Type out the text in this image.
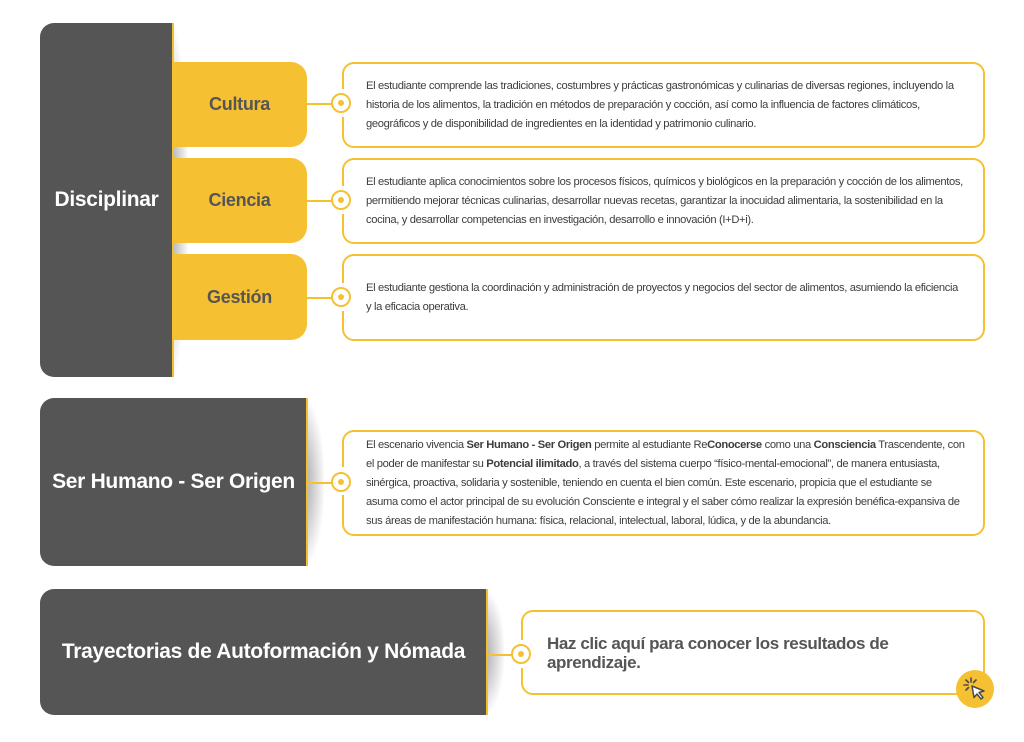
Disciplinar
Cultura
El estudiante comprende las tradiciones, costumbres y prácticas gastronómicas y culinarias de diversas regiones, incluyendo la historia de los alimentos, la tradición en métodos de preparación y cocción, así como la influencia de factores climáticos, geográficos y de disponibilidad de ingredientes en la identidad y patrimonio culinario.
Ciencia
El estudiante aplica conocimientos sobre los procesos físicos, químicos y biológicos en la preparación y cocción de los alimentos, permitiendo mejorar técnicas culinarias, desarrollar nuevas recetas, garantizar la inocuidad alimentaria, la sostenibilidad en la cocina, y desarrollar competencias en investigación, desarrollo e innovación (I+D+i).
Gestión	El estudiante gestiona la coordinación y administración de proyectos y negocios del sector de alimentos, asumiendo la eficiencia y la eficacia operativa.
Ser Humano - Ser Origen
El escenario vivencia Ser Humano - Ser Origen permite al estudiante ReConocerse como una Consciencia Trascendente, con el poder de manifestar su Potencial ilimitado, a través del sistema cuerpo “físico-mental-emocional”, de manera entusiasta, sinérgica, proactiva, solidaria y sostenible, teniendo en cuenta el bien común. Este escenario, propicia que el estudiante se asuma como el actor principal de su evolución Consciente e integral y el saber cómo realizar la expresión benéfica-expansiva de sus áreas de manifestación humana: física, relacional, intelectual, laboral, lúdica, y de la abundancia.
Trayectorias de Autoformación y Nómada	Haz clic aquí para conocer los resultados de aprendizaje.
